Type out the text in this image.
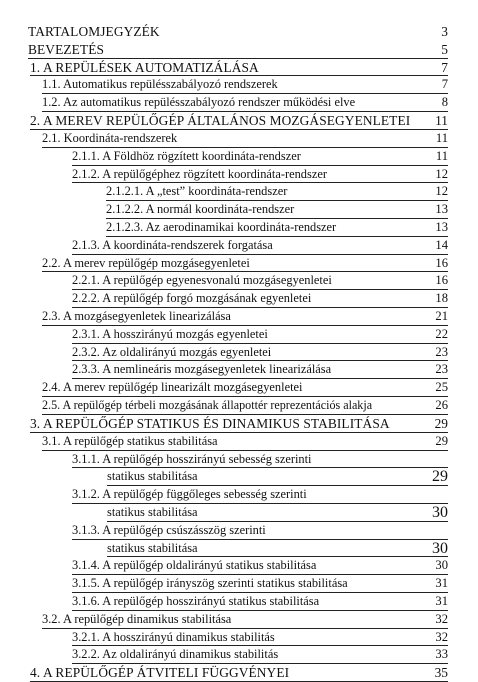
TARTALOMJEGYZÉK	3
BEVEZETÉS	5
1. A REPÜLÉSEK AUTOMATIZÁLÁSA	7
1.1. Automatikus repülésszabályozó rendszerek	7
1.2. Az automatikus repülésszabályozó rendszer működési elve	8
2. A MEREV REPÜLŐGÉP ÁLTALÁNOS MOZGÁSEGYENLETEI 11
2.1. Koordináta-rendszerek	11
2.1.1. A Földhöz rögzített koordináta-rendszer	11
2.1.2. A repülőgéphez rögzített koordináta-rendszer	12
2.1.2.1. A „test” koordináta-rendszer	12
2.1.2.2. A normál koordináta-rendszer	13
2.1.2.3. Az aerodinamikai koordináta-rendszer	13
2.1.3. A koordináta-rendszerek forgatása	14
2.2. A merev repülőgép mozgásegyenletei	16
2.2.1. A repülőgép egyenesvonalú mozgásegyenletei	16
2.2.2. A repülőgép forgó mozgásának egyenletei	18
2.3. A mozgásegyenletek linearizálása	21
2.3.1. A hosszirányú mozgás egyenletei	22
2.3.2. Az oldalirányú mozgás egyenletei	23
2.3.3. A nemlineáris mozgásegyenletek linearizálása	23
2.4. A merev repülőgép linearizált mozgásegyenletei	25
2.5. A repülőgép térbeli mozgásának állapottér reprezentációs alakja	26
3. A REPÜLŐGÉP STATIKUS ÉS DINAMIKUS STABILITÁSA	29
3.1. A repülőgép statikus stabilitása	29
3.1.1. A repülőgép hosszirányú sebesség szerinti
statikus stabilitása	29
3.1.2. A repülőgép függőleges sebesség szerinti
statikus stabilitása	30
3.1.3. A repülőgép csúszásszög szerinti
statikus stabilitása	30
3.1.4. A repülőgép oldalirányú statikus stabilitása	30
3.1.5. A repülőgép irányszög szerinti statikus stabilitása	31
3.1.6. A repülőgép hosszirányú statikus stabilitása	31
3.2. A repülőgép dinamikus stabilitása	32
3.2.1. A hosszirányú dinamikus stabilitás	32
3.2.2. Az oldalirányú dinamikus stabilitás	33
4. A REPÜLŐGÉP ÁTVITELI FÜGGVÉNYEI	35
